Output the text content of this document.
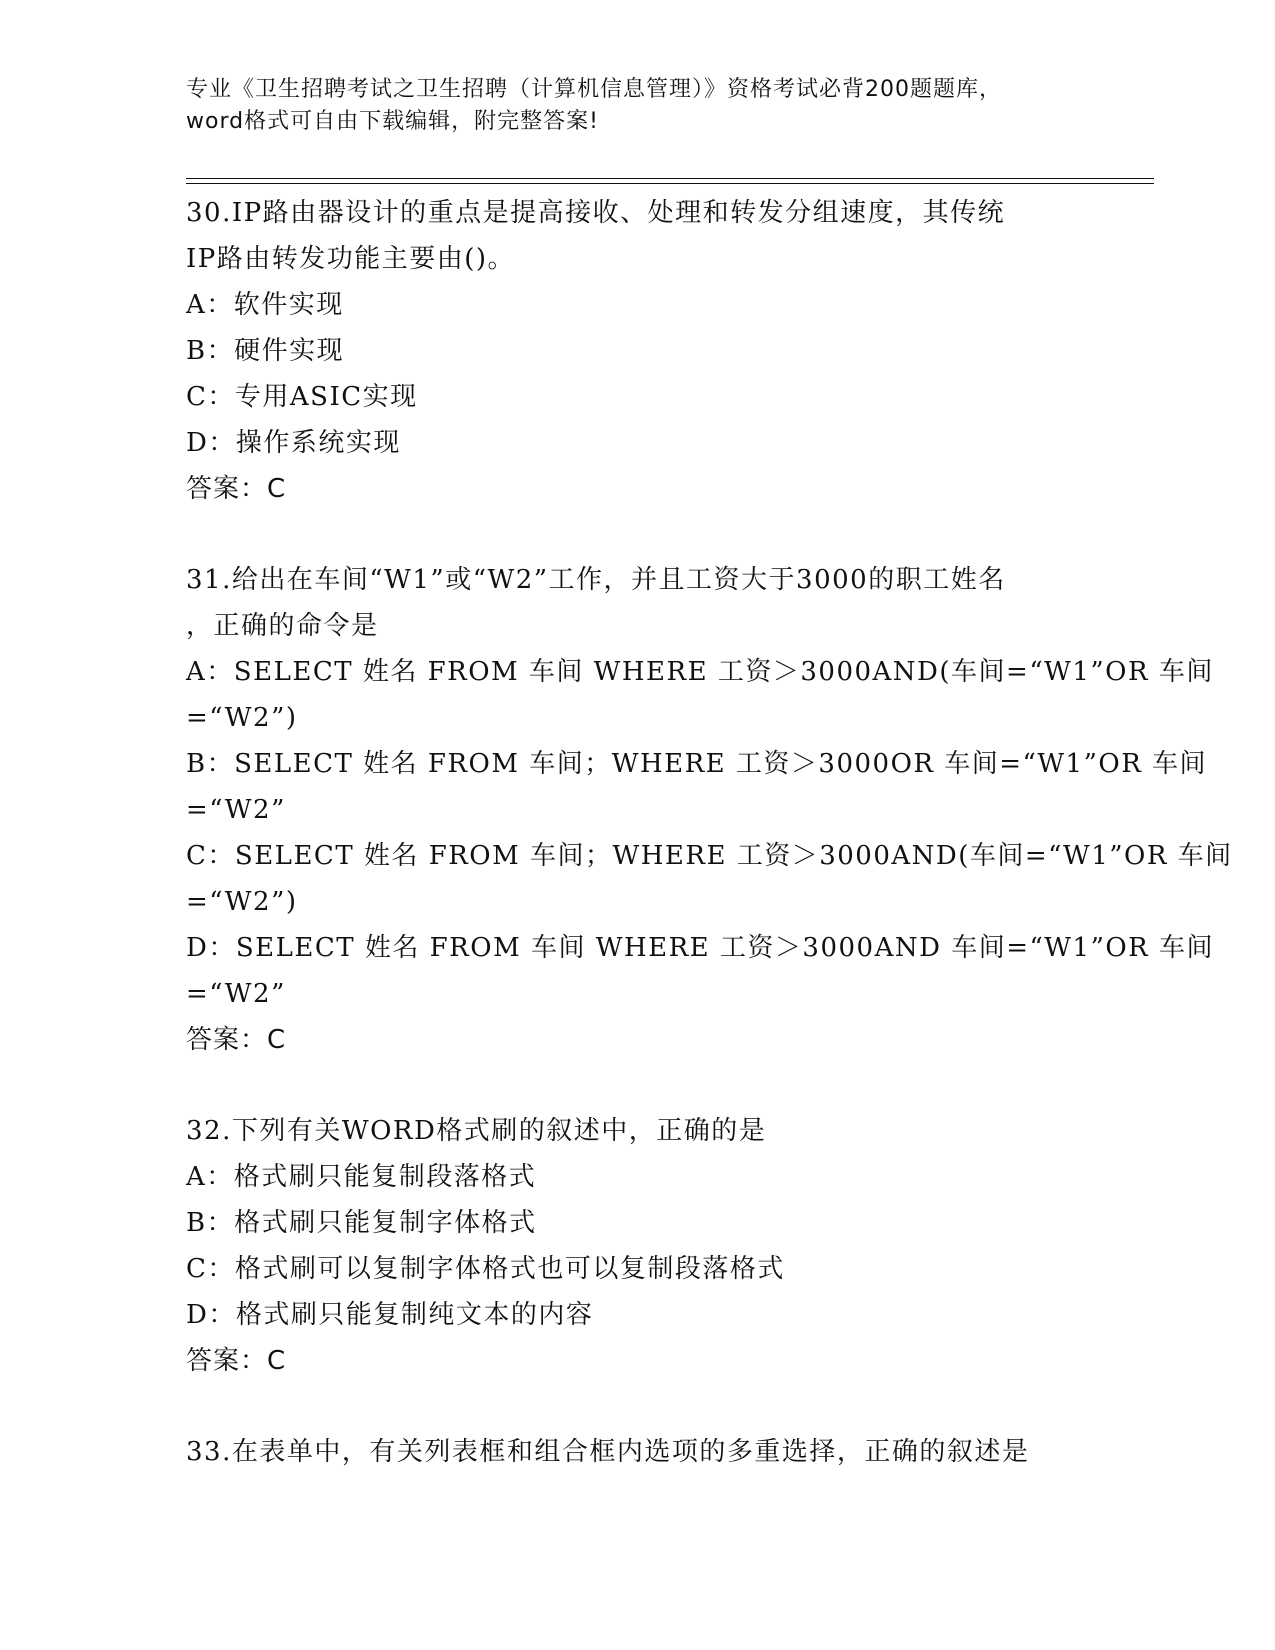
专业《卫生招聘考试之卫生招聘（计算机信息管理）》资格考试必背200题题库，
word格式可自由下载编辑，附完整答案!
30.IP路由器设计的重点是提高接收、处理和转发分组速度，其传统
IP路由转发功能主要由()。
A：软件实现
B：硬件实现
C：专用ASIC实现
D：操作系统实现
答案：C
31.给出在车间“W1”或“W2”工作，并且工资大于3000的职工姓名
，正确的命令是
A：SELECT 姓名 FROM 车间 WHERE 工资＞3000AND(车间=“W1”OR 车间
=“W2”)
B：SELECT 姓名 FROM 车间；WHERE 工资＞3000OR 车间=“W1”OR 车间
=“W2”
C：SELECT 姓名 FROM 车间；WHERE 工资＞3000AND(车间=“W1”OR 车间
=“W2”)
D：SELECT 姓名 FROM 车间 WHERE 工资＞3000AND 车间=“W1”OR 车间
=“W2”
答案：C
32.下列有关WORD格式刷的叙述中，正确的是
A：格式刷只能复制段落格式
B：格式刷只能复制字体格式
C：格式刷可以复制字体格式也可以复制段落格式
D：格式刷只能复制纯文本的内容
答案：C
33.在表单中，有关列表框和组合框内选项的多重选择，正确的叙述是
